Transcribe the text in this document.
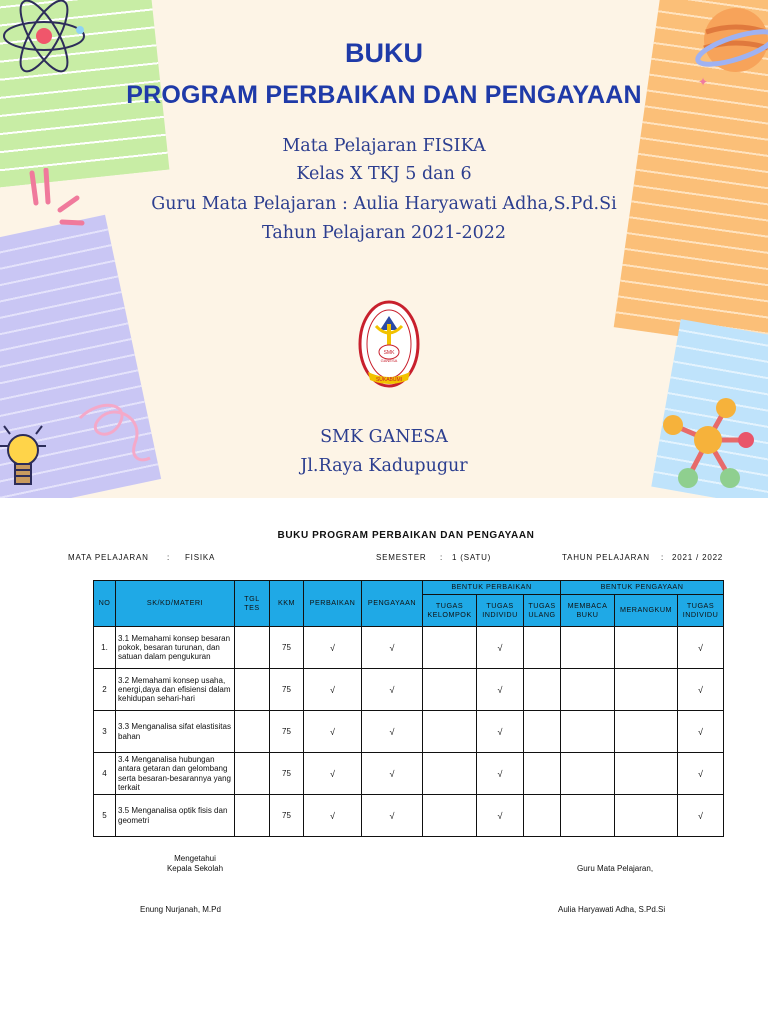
✦
BUKU
PROGRAM PERBAIKAN DAN PENGAYAAN
Mata Pelajaran FISIKA
Kelas X TKJ 5 dan 6
Guru Mata Pelajaran : Aulia Haryawati Adha,S.Pd.Si
Tahun Pelajaran 2021-2022
SMK
GANESA
SUKABUMI
SMK GANESA
Jl.Raya Kadupugur
BUKU PROGRAM PERBAIKAN DAN PENGAYAAN
MATA PELAJARAN : FISIKA	SEMESTER : 1 (SATU)	TAHUN PELAJARAN : 2021 / 2022
NO	SK/KD/MATERI	TGL TES	KKM	PERBAIKAN	PENGAYAAN	BENTUK PERBAIKAN			BENTUK PENGAYAAN		
						TUGAS KELOMPOK	TUGAS INDIVIDU	TUGAS ULANG	MEMBACA BUKU	MERANGKUM	TUGAS INDIVIDU
1.	3.1 Memahami konsep besaran pokok, besaran turunan, dan satuan dalam pengukuran		75	√	√		√				√
2	3.2 Memahami konsep usaha, energi,daya dan efisiensi dalam kehidupan sehari-hari		75	√	√		√				√
3	3.3 Menganalisa sifat elastisitas bahan		75	√	√		√				√
4	3.4 Menganalisa hubungan antara getaran dan gelombang serta besaran-besarannya yang terkait		75	√	√		√				√
5	3.5 Menganalisa optik fisis dan geometri		75	√	√		√				√
Mengetahui
Kepala Sekolah
Enung Nurjanah, M.Pd
Guru Mata Pelajaran,
Aulia Haryawati Adha, S.Pd.Si
